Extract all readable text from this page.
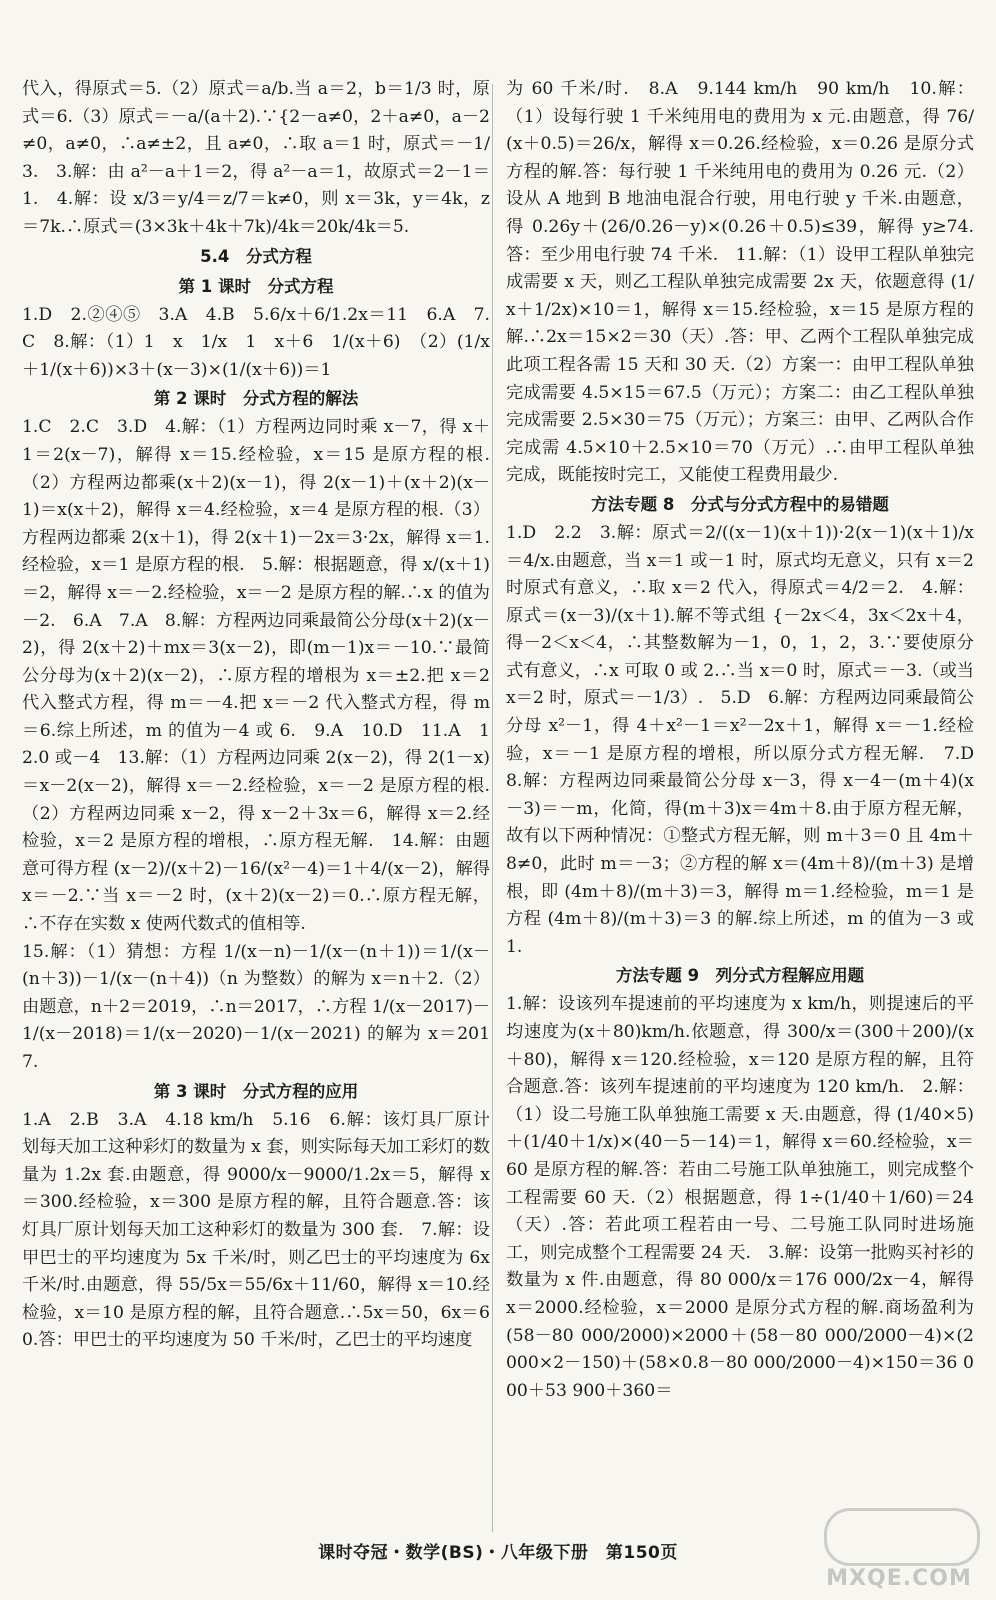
代入，得原式＝5.（2）原式＝a/b.当 a＝2，b＝1/3 时，原式＝6.（3）原式＝－a/(a＋2).∵{2－a≠0，2＋a≠0，a－2≠0，a≠0，∴a≠±2，且 a≠0，∴取 a＝1 时，原式＝－1/3.　3.解：由 a²－a＋1＝2，得 a²－a＝1，故原式＝2－1＝1.　4.解：设 x/3＝y/4＝z/7＝k≠0，则 x＝3k，y＝4k，z＝7k.∴原式＝(3×3k＋4k＋7k)/4k＝20k/4k＝5.

5.4　分式方程

第 1 课时　分式方程

1.D　2.②④⑤　3.A　4.B　5.6/x＋6/1.2x＝11　6.A　7.C　8.解：（1）1　x　1/x　1　x＋6　1/(x＋6)　（2）(1/x＋1/(x＋6))×3＋(x－3)×(1/(x＋6))＝1

第 2 课时　分式方程的解法

1.C　2.C　3.D　4.解：（1）方程两边同时乘 x－7，得 x＋1＝2(x－7)，解得 x＝15.经检验，x＝15 是原方程的根.（2）方程两边都乘(x＋2)(x－1)，得 2(x－1)＋(x＋2)(x－1)＝x(x＋2)，解得 x＝4.经检验，x＝4 是原方程的根.（3）方程两边都乘 2(x＋1)，得 2(x＋1)－2x＝3·2x，解得 x＝1.经检验，x＝1 是原方程的根.　5.解：根据题意，得 x/(x＋1)＝2，解得 x＝－2.经检验，x＝－2 是原方程的解.∴x 的值为－2.　6.A　7.A　8.解：方程两边同乘最简公分母(x＋2)(x－2)，得 2(x＋2)＋mx＝3(x－2)，即(m－1)x＝－10.∵最简公分母为(x＋2)(x－2)，∴原方程的增根为 x＝±2.把 x＝2 代入整式方程，得 m＝－4.把 x＝－2 代入整式方程，得 m＝6.综上所述，m 的值为－4 或 6.　9.A　10.D　11.A　12.0 或－4　13.解：（1）方程两边同乘 2(x－2)，得 2(1－x)＝x－2(x－2)，解得 x＝－2.经检验，x＝－2 是原方程的根.（2）方程两边同乘 x－2，得 x－2＋3x＝6，解得 x＝2.经检验，x＝2 是原方程的增根，∴原方程无解.　14.解：由题意可得方程 (x－2)/(x＋2)－16/(x²－4)＝1＋4/(x－2)，解得 x＝－2.∵当 x＝－2 时，(x＋2)(x－2)＝0.∴原方程无解，∴不存在实数 x 使两代数式的值相等.

15.解：（1）猜想：方程 1/(x－n)－1/(x－(n＋1))＝1/(x－(n＋3))－1/(x－(n＋4))（n 为整数）的解为 x＝n＋2.（2）由题意，n＋2＝2019，∴n＝2017，∴方程 1/(x－2017)－1/(x－2018)＝1/(x－2020)－1/(x－2021) 的解为 x＝2017.

第 3 课时　分式方程的应用

1.A　2.B　3.A　4.18 km/h　5.16　6.解：该灯具厂原计划每天加工这种彩灯的数量为 x 套，则实际每天加工彩灯的数量为 1.2x 套.由题意，得 9000/x－9000/1.2x＝5，解得 x＝300.经检验，x＝300 是原方程的解，且符合题意.答：该灯具厂原计划每天加工这种彩灯的数量为 300 套.　7.解：设甲巴士的平均速度为 5x 千米/时，则乙巴士的平均速度为 6x 千米/时.由题意，得 55/5x＝55/6x＋11/60，解得 x＝10.经检验，x＝10 是原方程的解，且符合题意.∴5x＝50，6x＝60.答：甲巴士的平均速度为 50 千米/时，乙巴士的平均速度

为 60 千米/时.　8.A　9.144 km/h　90 km/h　10.解：（1）设每行驶 1 千米纯用电的费用为 x 元.由题意，得 76/(x＋0.5)＝26/x，解得 x＝0.26.经检验，x＝0.26 是原分式方程的解.答：每行驶 1 千米纯用电的费用为 0.26 元.（2）设从 A 地到 B 地油电混合行驶，用电行驶 y 千米.由题意，得 0.26y＋(26/0.26－y)×(0.26＋0.5)≤39，解得 y≥74.答：至少用电行驶 74 千米.　11.解：（1）设甲工程队单独完成需要 x 天，则乙工程队单独完成需要 2x 天，依题意得 (1/x＋1/2x)×10＝1，解得 x＝15.经检验，x＝15 是原方程的解.∴2x＝15×2＝30（天）.答：甲、乙两个工程队单独完成此项工程各需 15 天和 30 天.（2）方案一：由甲工程队单独完成需要 4.5×15＝67.5（万元）；方案二：由乙工程队单独完成需要 2.5×30＝75（万元）；方案三：由甲、乙两队合作完成需 4.5×10＋2.5×10＝70（万元）.∴由甲工程队单独完成，既能按时完工，又能使工程费用最少.

方法专题 8　分式与分式方程中的易错题

1.D　2.2　3.解：原式＝2/((x－1)(x＋1))·2(x－1)(x＋1)/x＝4/x.由题意，当 x＝1 或－1 时，原式均无意义，只有 x＝2 时原式有意义，∴取 x＝2 代入，得原式＝4/2＝2.　4.解：原式＝(x－3)/(x＋1).解不等式组 {－2x＜4，3x＜2x＋4，得－2＜x＜4，∴其整数解为－1，0，1，2，3.∵要使原分式有意义，∴x 可取 0 或 2.∴当 x＝0 时，原式＝－3.（或当 x＝2 时，原式＝－1/3）.　5.D　6.解：方程两边同乘最简公分母 x²－1，得 4＋x²－1＝x²－2x＋1，解得 x＝－1.经检验，x＝－1 是原方程的增根，所以原分式方程无解.　7.D　8.解：方程两边同乘最简公分母 x－3，得 x－4－(m＋4)(x－3)＝－m，化简，得(m＋3)x＝4m＋8.由于原方程无解，故有以下两种情况：①整式方程无解，则 m＋3＝0 且 4m＋8≠0，此时 m＝－3；②方程的解 x＝(4m＋8)/(m＋3) 是增根，即 (4m＋8)/(m＋3)＝3，解得 m＝1.经检验，m＝1 是方程 (4m＋8)/(m＋3)＝3 的解.综上所述，m 的值为－3 或 1.

方法专题 9　列分式方程解应用题

1.解：设该列车提速前的平均速度为 x km/h，则提速后的平均速度为(x＋80)km/h.依题意，得 300/x＝(300＋200)/(x＋80)，解得 x＝120.经检验，x＝120 是原方程的解，且符合题意.答：该列车提速前的平均速度为 120 km/h.　2.解：（1）设二号施工队单独施工需要 x 天.由题意，得 (1/40×5)＋(1/40＋1/x)×(40－5－14)＝1，解得 x＝60.经检验，x＝60 是原方程的解.答：若由二号施工队单独施工，则完成整个工程需要 60 天.（2）根据题意，得 1÷(1/40＋1/60)＝24（天）.答：若此项工程若由一号、二号施工队同时进场施工，则完成整个工程需要 24 天.　3.解：设第一批购买衬衫的数量为 x 件.由题意，得 80 000/x＝176 000/2x－4，解得 x＝2000.经检验，x＝2000 是原分式方程的解.商场盈利为 (58－80 000/2000)×2000＋(58－80 000/2000－4)×(2000×2－150)＋(58×0.8－80 000/2000－4)×150＝36 000＋53 900＋360＝

课时夺冠・数学(BS)・八年级下册　第150页
MXQE.COM
